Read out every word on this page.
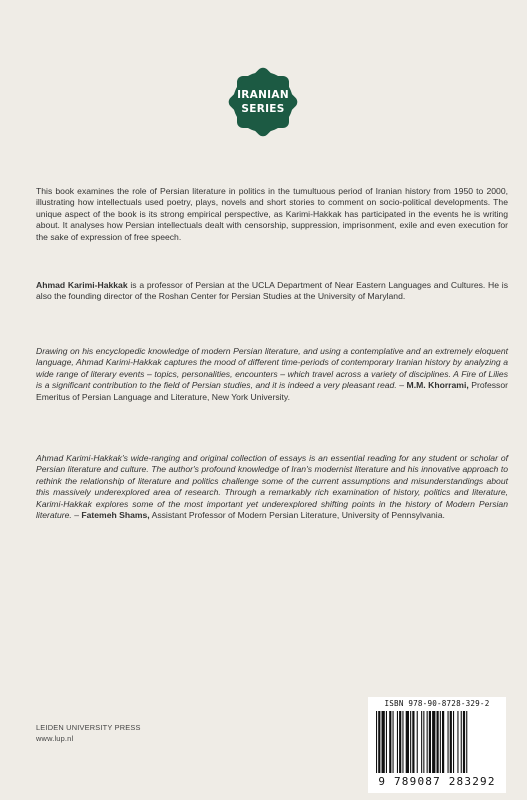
IRANIAN
SERIES
This book examines the role of Persian literature in politics in the tumultuous period of Iranian history from 1950 to 2000, illustrating how intellectuals used poetry, plays, novels and short stories to comment on socio-political developments. The unique aspect of the book is its strong empirical perspective, as Karimi-Hakkak has participated in the events he is writing about. It analyses how Persian intellectuals dealt with censorship, suppression, imprisonment, exile and even execution for the sake of expression of free speech.
Ahmad Karimi-Hakkak is a professor of Persian at the UCLA Department of Near Eastern Languages and Cultures. He is also the founding director of the Roshan Center for Persian Studies at the University of Maryland.
Drawing on his encyclopedic knowledge of modern Persian literature, and using a contemplative and an extremely eloquent language, Ahmad Karimi-Hakkak captures the mood of different time-periods of contemporary Iranian history by analyzing a wide range of literary events – topics, personalities, encounters – which travel across a variety of disciplines. A Fire of Lilies is a significant contribution to the field of Persian studies, and it is indeed a very pleasant read. – M.M. Khorrami, Professor Emeritus of Persian Language and Literature, New York University.
Ahmad Karimi-Hakkak's wide-ranging and original collection of essays is an essential reading for any student or scholar of Persian literature and culture. The author's profound knowledge of Iran's modernist literature and his innovative approach to rethink the relationship of literature and politics challenge some of the current assumptions and misunderstandings about this massively underexplored area of research. Through a remarkably rich examination of history, politics and literature, Karimi-Hakkak explores some of the most important yet underexplored shifting points in the history of Modern Persian literature. – Fatemeh Shams, Assistant Professor of Modern Persian Literature, University of Pennsylvania.
LEIDEN UNIVERSITY PRESS
www.lup.nl
ISBN 978-90-8728-329-2
9 789087 283292
